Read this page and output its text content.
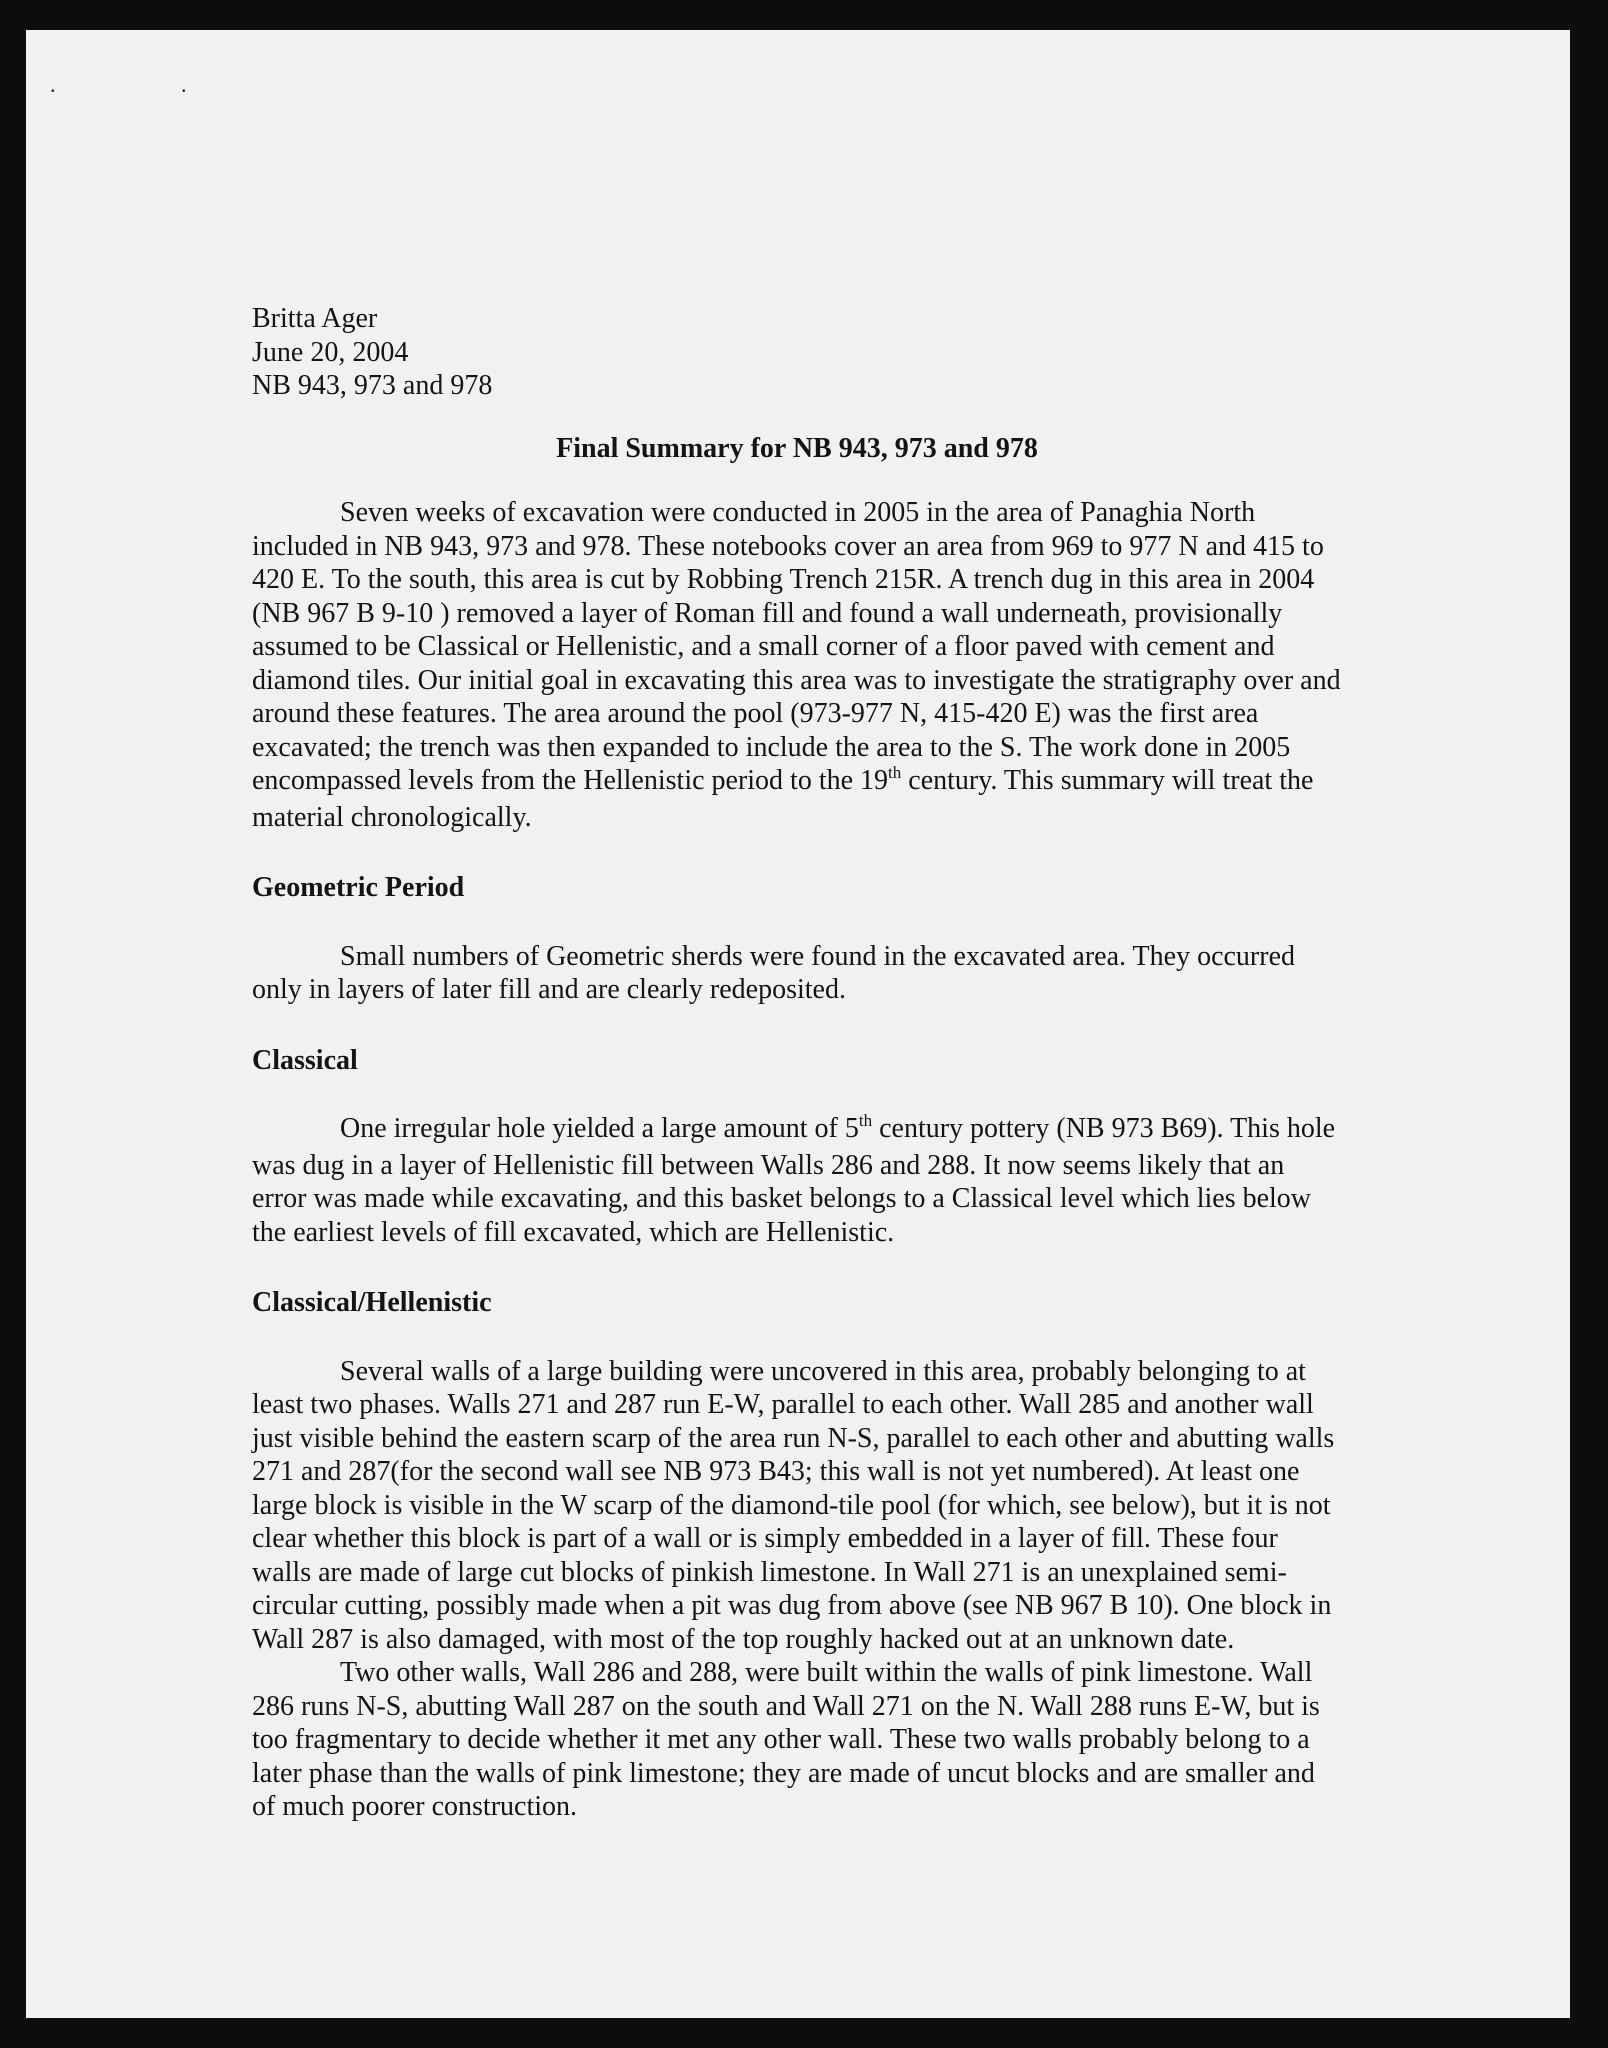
. .

Britta Ager

June 20, 2004

NB 943, 973 and 978

Final Summary for NB 943, 973 and 978

Seven weeks of excavation were conducted in 2005 in the area of Panaghia North included in NB 943, 973 and 978. These notebooks cover an area from 969 to 977 N and 415 to 420 E. To the south, this area is cut by Robbing Trench 215R. A trench dug in this area in 2004 (NB 967 B 9-10 ) removed a layer of Roman fill and found a wall underneath, provisionally assumed to be Classical or Hellenistic, and a small corner of a floor paved with cement and diamond tiles. Our initial goal in excavating this area was to investigate the stratigraphy over and around these features. The area around the pool (973-977 N, 415-420 E) was the first area excavated; the trench was then expanded to include the area to the S. The work done in 2005 encompassed levels from the Hellenistic period to the 19th century. This summary will treat the material chronologically.

Geometric Period

Small numbers of Geometric sherds were found in the excavated area. They occurred only in layers of later fill and are clearly redeposited.

Classical

One irregular hole yielded a large amount of 5th century pottery (NB 973 B69). This hole was dug in a layer of Hellenistic fill between Walls 286 and 288. It now seems likely that an error was made while excavating, and this basket belongs to a Classical level which lies below the earliest levels of fill excavated, which are Hellenistic.

Classical/Hellenistic

Several walls of a large building were uncovered in this area, probably belonging to at least two phases. Walls 271 and 287 run E-W, parallel to each other. Wall 285 and another wall just visible behind the eastern scarp of the area run N-S, parallel to each other and abutting walls 271 and 287(for the second wall see NB 973 B43; this wall is not yet numbered). At least one large block is visible in the W scarp of the diamond-tile pool (for which, see below), but it is not clear whether this block is part of a wall or is simply embedded in a layer of fill. These four walls are made of large cut blocks of pinkish limestone. In Wall 271 is an unexplained semi-circular cutting, possibly made when a pit was dug from above (see NB 967 B 10). One block in Wall 287 is also damaged, with most of the top roughly hacked out at an unknown date.

Two other walls, Wall 286 and 288, were built within the walls of pink limestone. Wall 286 runs N-S, abutting Wall 287 on the south and Wall 271 on the N. Wall 288 runs E-W, but is too fragmentary to decide whether it met any other wall. These two walls probably belong to a later phase than the walls of pink limestone; they are made of uncut blocks and are smaller and of much poorer construction.
